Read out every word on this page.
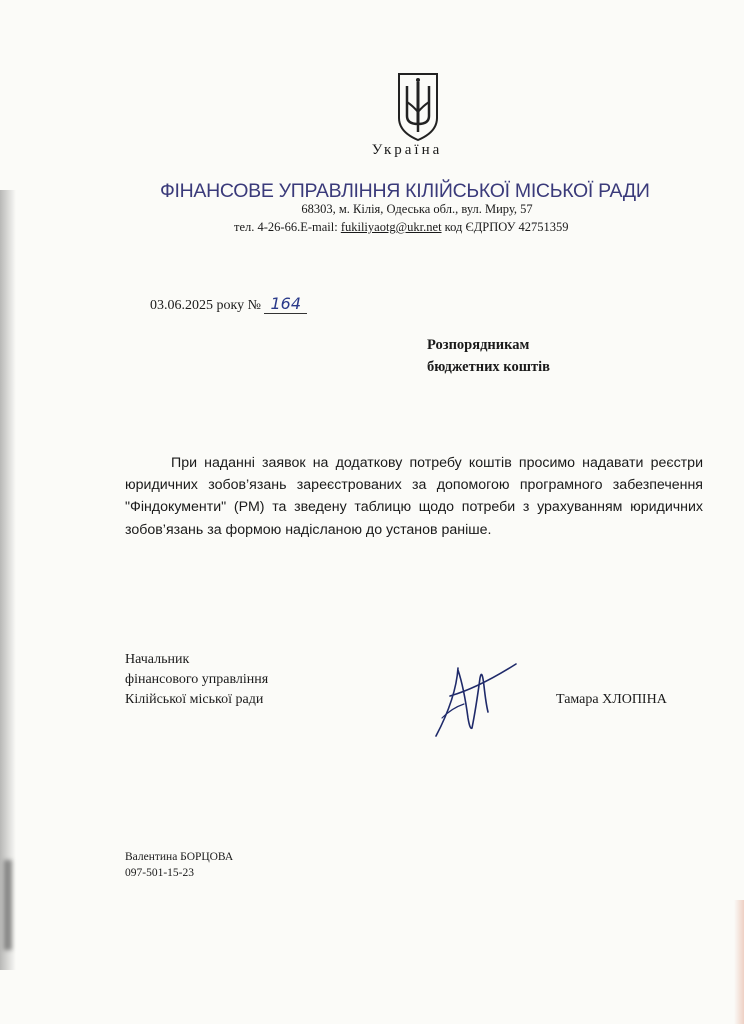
Україна
ФІНАНСОВЕ УПРАВЛІННЯ КІЛІЙСЬКОЇ МІСЬКОЇ РАДИ
68303, м. Кілія, Одеська обл., вул. Миру, 57
тел. 4-26-66.E-mail: fukiliyaotg@ukr.net код ЄДРПОУ 42751359
03.06.2025 року № 164
Розпорядникам
бюджетних коштів
При наданні заявок на додаткову потребу коштів просимо надавати реєстри юридичних зобов’язань зареєстрованих за допомогою програмного забезпечення "Фіндокументи" (РМ) та зведену таблицю щодо потреби з урахуванням юридичних зобов’язань за формою надісланою до установ раніше.
Начальник
фінансового управління
Кілійської міської ради	Тамара ХЛОПІНА
Валентина БОРЦОВА
097-501-15-23
